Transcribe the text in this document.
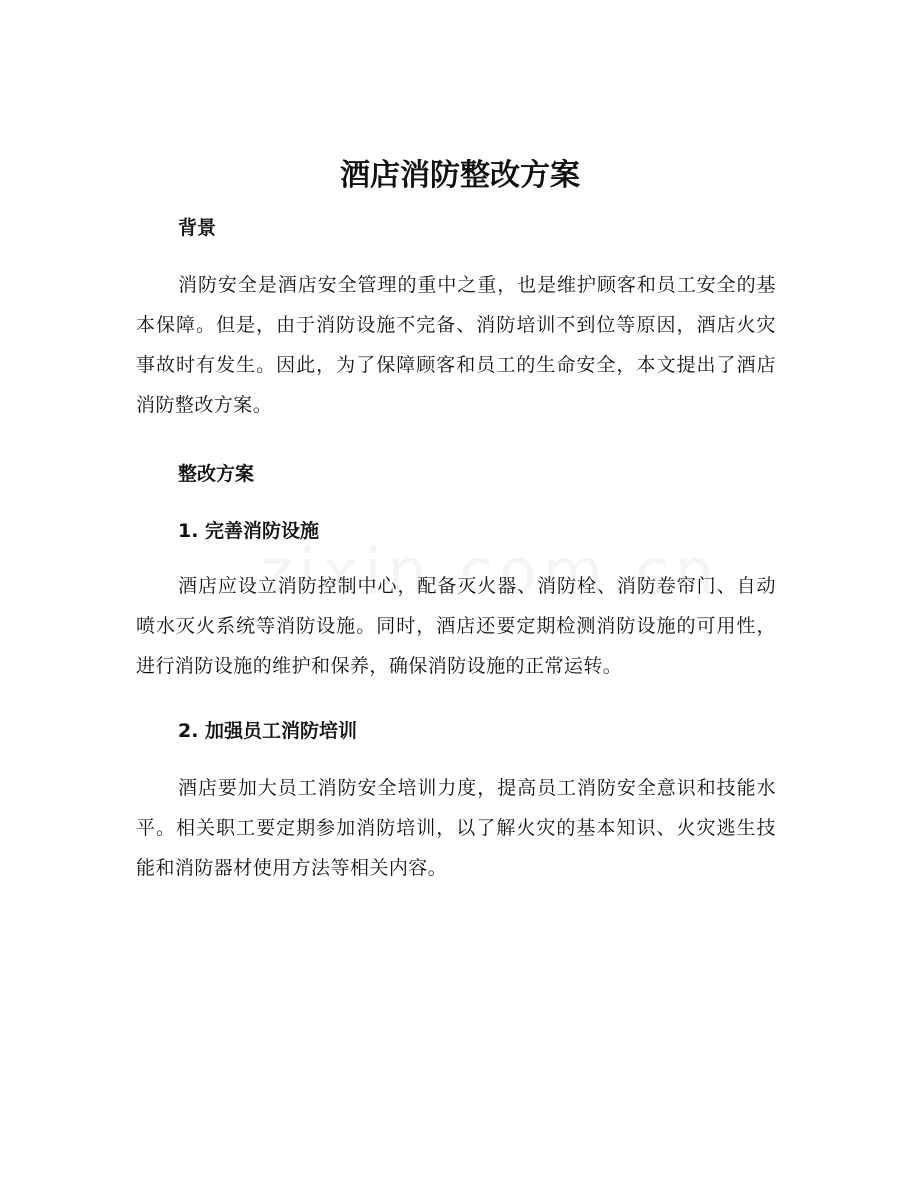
酒店消防整改方案
背景

消防安全是酒店安全管理的重中之重，也是维护顾客和员工安全的基本保障。但是，由于消防设施不完备、消防培训不到位等原因，酒店火灾事故时有发生。因此，为了保障顾客和员工的生命安全，本文提出了酒店消防整改方案。

整改方案
1. 完善消防设施

酒店应设立消防控制中心，配备灭火器、消防栓、消防卷帘门、自动喷水灭火系统等消防设施。同时，酒店还要定期检测消防设施的可用性，进行消防设施的维护和保养，确保消防设施的正常运转。

2. 加强员工消防培训

酒店要加大员工消防安全培训力度，提高员工消防安全意识和技能水平。相关职工要定期参加消防培训，以了解火灾的基本知识、火灾逃生技能和消防器材使用方法等相关内容。
